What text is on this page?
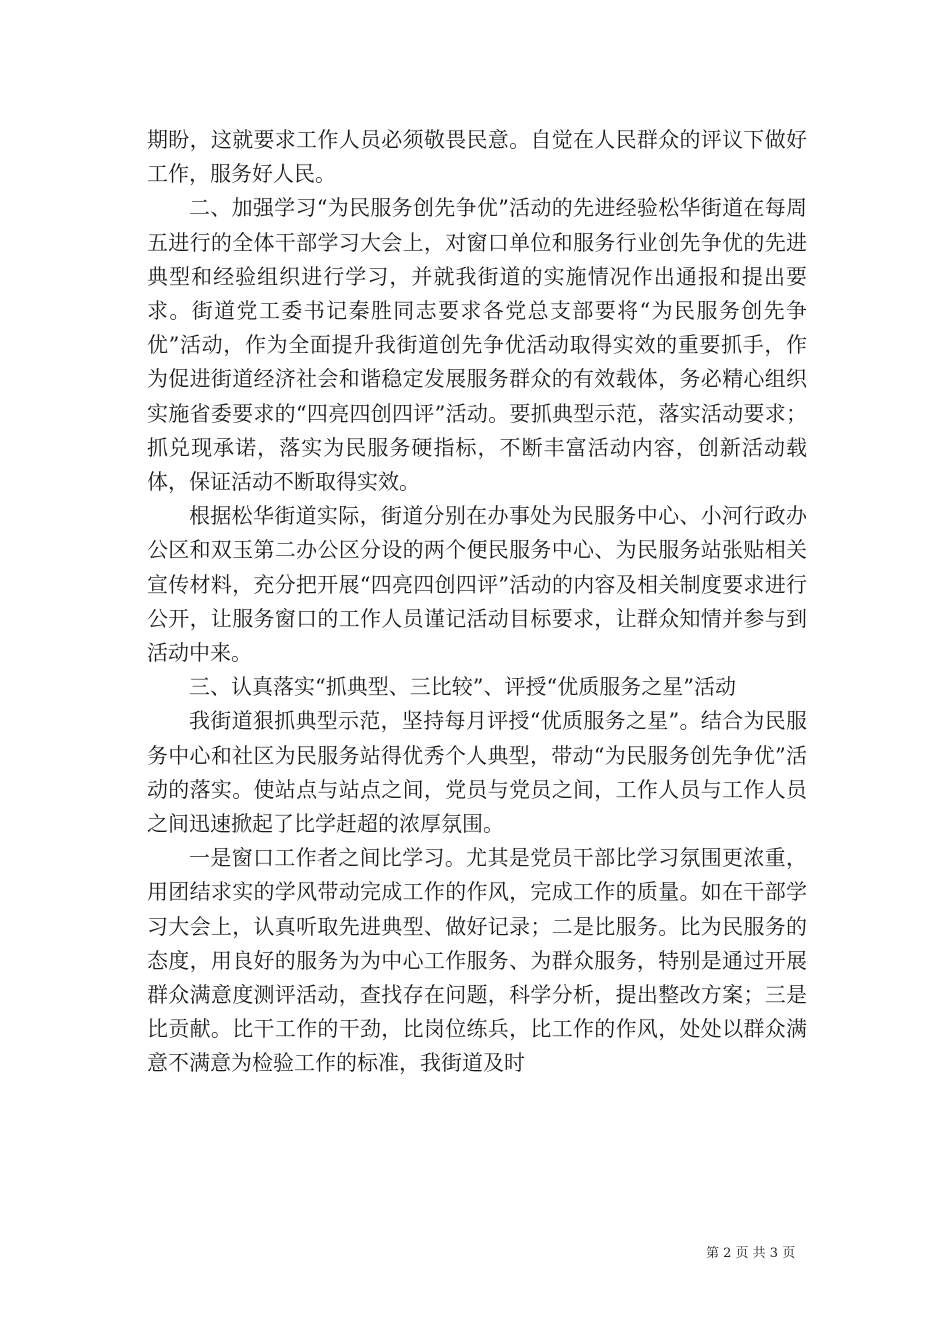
期盼，这就要求工作人员必须敬畏民意。自觉在人民群众的评议下做好工作，服务好人民。

二、加强学习“为民服务创先争优”活动的先进经验松华街道在每周五进行的全体干部学习大会上，对窗口单位和服务行业创先争优的先进典型和经验组织进行学习，并就我街道的实施情况作出通报和提出要求。街道党工委书记秦胜同志要求各党总支部要将“为民服务创先争优”活动，作为全面提升我街道创先争优活动取得实效的重要抓手，作为促进街道经济社会和谐稳定发展服务群众的有效载体，务必精心组织实施省委要求的“四亮四创四评”活动。要抓典型示范，落实活动要求；抓兑现承诺，落实为民服务硬指标，不断丰富活动内容，创新活动载体，保证活动不断取得实效。

根据松华街道实际，街道分别在办事处为民服务中心、小河行政办公区和双玉第二办公区分设的两个便民服务中心、为民服务站张贴相关宣传材料，充分把开展“四亮四创四评”活动的内容及相关制度要求进行公开，让服务窗口的工作人员谨记活动目标要求，让群众知情并参与到活动中来。

三、认真落实“抓典型、三比较”、评授“优质服务之星”活动

我街道狠抓典型示范，坚持每月评授“优质服务之星”。结合为民服务中心和社区为民服务站得优秀个人典型，带动“为民服务创先争优”活动的落实。使站点与站点之间，党员与党员之间，工作人员与工作人员之间迅速掀起了比学赶超的浓厚氛围。

一是窗口工作者之间比学习。尤其是党员干部比学习氛围更浓重，用团结求实的学风带动完成工作的作风，完成工作的质量。如在干部学习大会上，认真听取先进典型、做好记录；二是比服务。比为民服务的态度，用良好的服务为为中心工作服务、为群众服务，特别是通过开展群众满意度测评活动，查找存在问题，科学分析，提出整改方案；三是比贡献。比干工作的干劲，比岗位练兵，比工作的作风，处处以群众满意不满意为检验工作的标准，我街道及时

第 2 页 共 3 页
